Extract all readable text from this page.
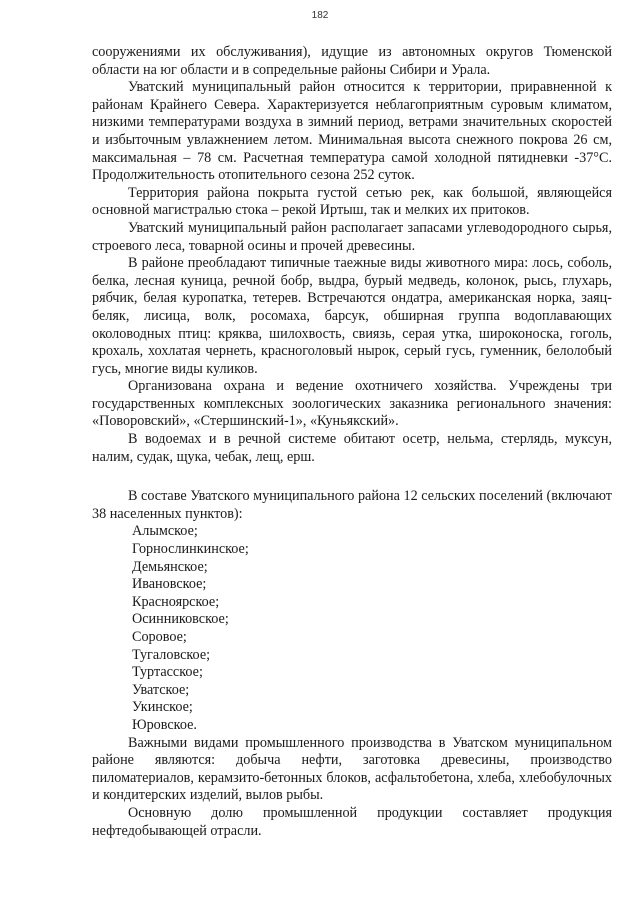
182

сооружениями их обслуживания), идущие из автономных округов Тюменской области на юг области и в сопредельные районы Сибири и Урала.

Уватский муниципальный район относится к территории, приравненной к районам Крайнего Севера. Характеризуется неблагоприятным суровым климатом, низкими температурами воздуха в зимний период, ветрами значительных скоростей и избыточным увлажнением летом. Минимальная высота снежного покрова 26 см, максимальная – 78 см. Расчетная температура самой холодной пятидневки -37°С. Продолжительность отопительного сезона 252 суток.

Территория района покрыта густой сетью рек, как большой, являющейся основной магистралью стока – рекой Иртыш, так и мелких их притоков.

Уватский муниципальный район располагает запасами углеводородного сырья, строевого леса, товарной осины и прочей древесины.

В районе преобладают типичные таежные виды животного мира: лось, соболь, белка, лесная куница, речной бобр, выдра, бурый медведь, колонок, рысь, глухарь, рябчик, белая куропатка, тетерев. Встречаются ондатра, американская норка, заяц-беляк, лисица, волк, росомаха, барсук, обширная группа водоплавающих околоводных птиц: кряква, шилохвость, свиязь, серая утка, широконоска, гоголь, крохаль, хохлатая чернеть, красноголовый нырок, серый гусь, гуменник, белолобый гусь, многие виды куликов.

Организована охрана и ведение охотничего хозяйства. Учреждены три государственных комплексных зоологических заказника регионального значения: «Поворовский», «Стершинский-1», «Куньякский».

В водоемах и в речной системе обитают осетр, нельма, стерлядь, муксун, налим, судак, щука, чебак, лещ, ерш.

В составе Уватского муниципального района 12 сельских поселений (включают 38 населенных пунктов):

Алымское;
Горнослинкинское;
Демьянское;
Ивановское;
Красноярское;
Осинниковское;
Соровое;
Тугаловское;
Туртасское;
Уватское;
Укинское;
Юровское.

Важными видами промышленного производства в Уватском муниципальном районе являются: добыча нефти, заготовка древесины, производство пиломатериалов, керамзито-бетонных блоков, асфальтобетона, хлеба, хлебобулочных и кондитерских изделий, вылов рыбы.

Основную долю промышленной продукции составляет продукция нефтедобывающей отрасли.
